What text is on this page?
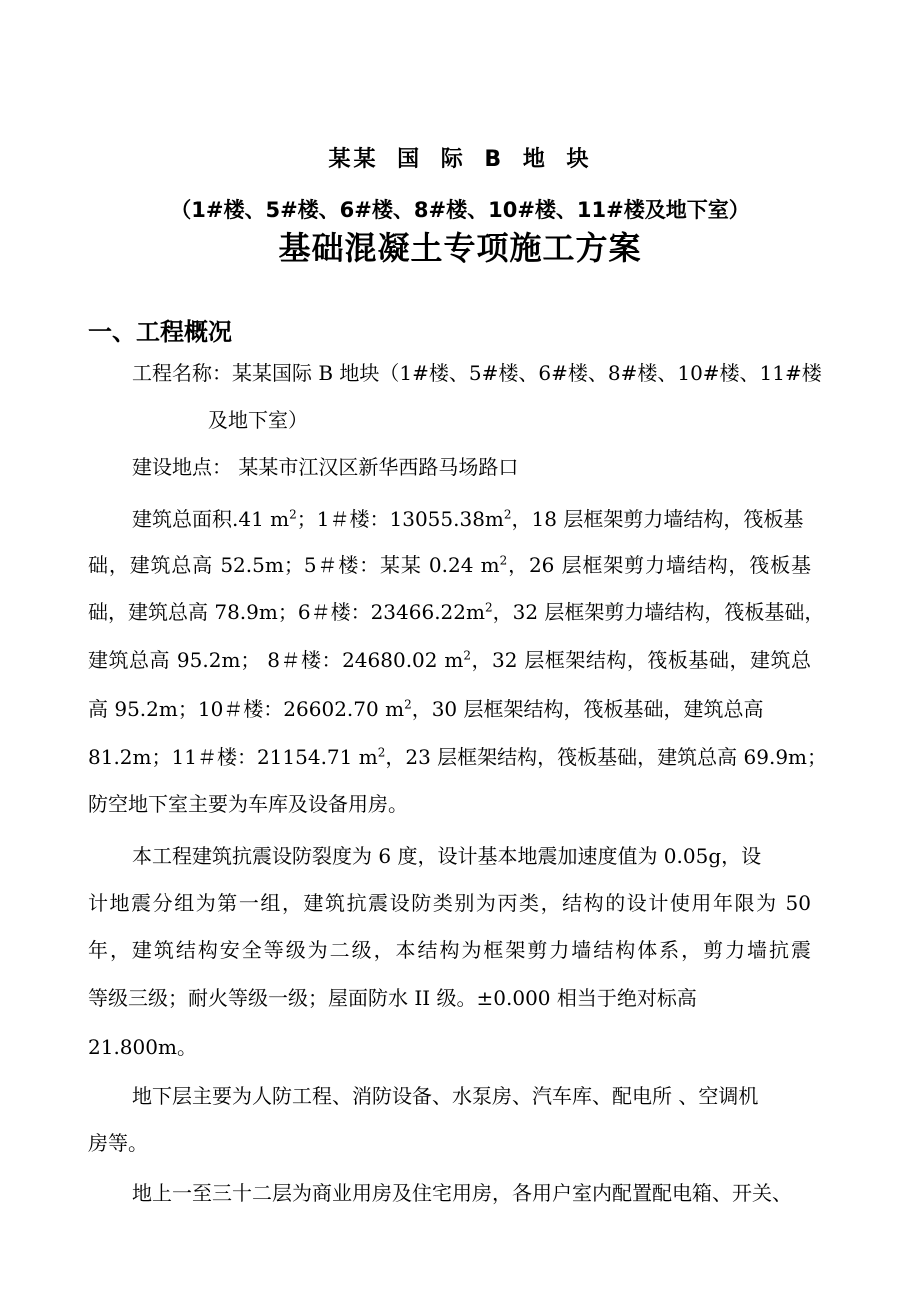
某某 国 际 B 地 块
（1#楼、5#楼、6#楼、8#楼、10#楼、11#楼及地下室）
基础混凝土专项施工方案
一、工程概况
工程名称：某某国际 B 地块（1#楼、5#楼、6#楼、8#楼、10#楼、11#楼
及地下室）
建设地点： 某某市江汉区新华西路马场路口
建筑总面积.41 $m^2$；1＃楼：$13055.38m^2$，18 层框架剪力墙结构，筏板基
础，建筑总高 52.5m；5＃楼：某某 0.24 $m^2$，26 层框架剪力墙结构，筏板基
础，建筑总高 78.9m；6＃楼：$23466.22m^2$，32 层框架剪力墙结构，筏板基础，
建筑总高 95.2m； 8＃楼：24680.02 $m^2$，32 层框架结构，筏板基础，建筑总
高 95.2m；10＃楼：26602.70 $m^2$，30 层框架结构，筏板基础，建筑总高
81.2m；11＃楼：21154.71 $m^2$，23 层框架结构，筏板基础，建筑总高 69.9m；
防空地下室主要为车库及设备用房。
本工程建筑抗震设防裂度为 6 度，设计基本地震加速度值为 0.05g，设
计地震分组为第一组，建筑抗震设防类别为丙类，结构的设计使用年限为 50
年，建筑结构安全等级为二级，本结构为框架剪力墙结构体系，剪力墙抗震
等级三级；耐火等级一级；屋面防水 II 级。±0.000 相当于绝对标高
21.800m。
地下层主要为人防工程、消防设备、水泵房、汽车库、配电所 、空调机
房等。
地上一至三十二层为商业用房及住宅用房，各用户室内配置配电箱、开关、
